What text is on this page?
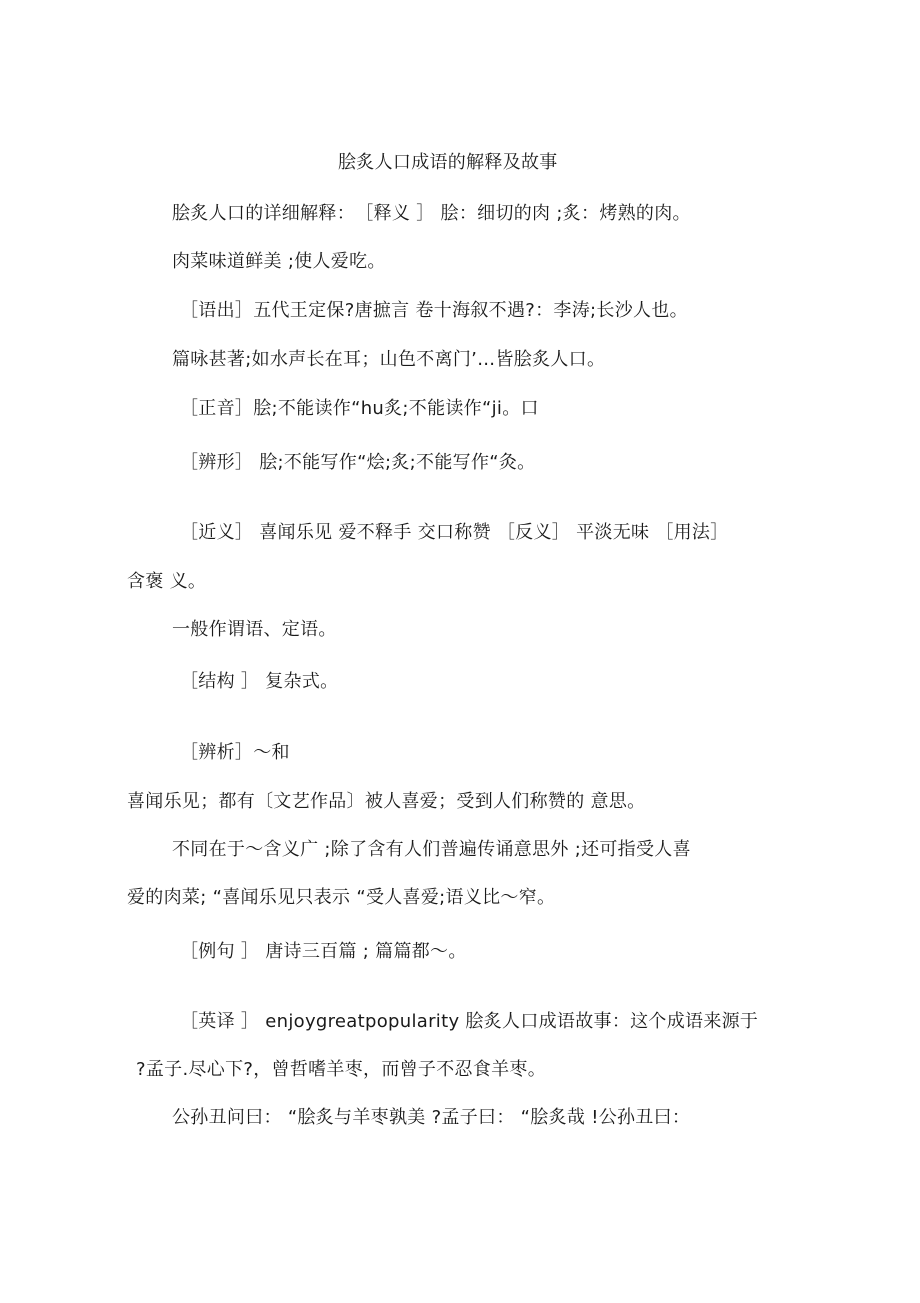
脍炙人口成语的解释及故事
脍炙人口的详细解释：　［释义 ］ 脍：细切的肉 ;炙：烤熟的肉。
肉菜味道鲜美 ;使人爱吃。
［语出］五代王定保?唐摭言 卷十海叙不遇?：李涛;长沙人也。
篇咏甚著;如水声长在耳；山色不离门’…皆脍炙人口。
［正音］脍;不能读作“hu炙;不能读作“ji。口
［辨形］ 脍;不能写作“烩;炙;不能写作“灸。
［近义］ 喜闻乐见 爱不释手 交口称赞 ［反义］ 平淡无味 ［用法］
含褒 义。
一般作谓语、定语。
［结构 ］ 复杂式。
［辨析］～和
喜闻乐见；都有〔文艺作品〕被人喜爱；受到人们称赞的 意思。
不同在于～含义广 ;除了含有人们普遍传诵意思外 ;还可指受人喜
爱的肉菜; “喜闻乐见只表示 “受人喜爱;语义比～窄。
［例句 ］ 唐诗三百篇 ; 篇篇都～。
［英译 ］ enjoygreatpopularity 脍炙人口成语故事：这个成语来源于
?孟子.尽心下?，曾哲嗜羊枣，而曾子不忍食羊枣。
公孙丑问曰： “脍炙与羊枣孰美 ?孟子曰： “脍炙哉 !公孙丑曰：
